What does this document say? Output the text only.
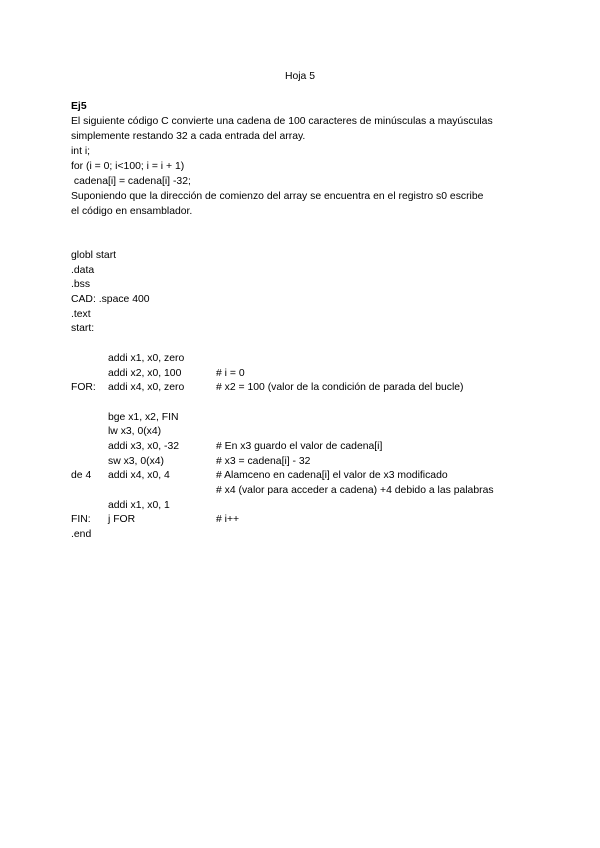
Hoja 5
Ej5
El siguiente código C convierte una cadena de 100 caracteres de minúsculas a mayúsculas
simplemente restando 32 a cada entrada del array.
int i;
for (i = 0; i<100; i = i + 1)
cadena[i] = cadena[i] -32;
Suponiendo que la dirección de comienzo del array se encuentra en el registro s0 escribe
el código en ensamblador.
globl start
.data
.bss
CAD: .space 400
.text
start:

addi x1, x0, zero

# i = 0

addi x2, x0, 100

# x2 = 100 (valor de la condición de parada del bucle)

addi x4, x0, zero

FOR:

bge x1, x2, FIN

lw x3, 0(x4)

# En x3 guardo el valor de cadena[i]

addi x3, x0, -32

# x3 = cadena[i] - 32

sw x3, 0(x4)

# Alamceno en cadena[i] el valor de x3 modificado

addi x4, x0, 4

# x4 (valor para acceder a cadena) +4 debido a las palabras

de 4

addi x1, x0, 1

# i++

j FOR

FIN:
.end
